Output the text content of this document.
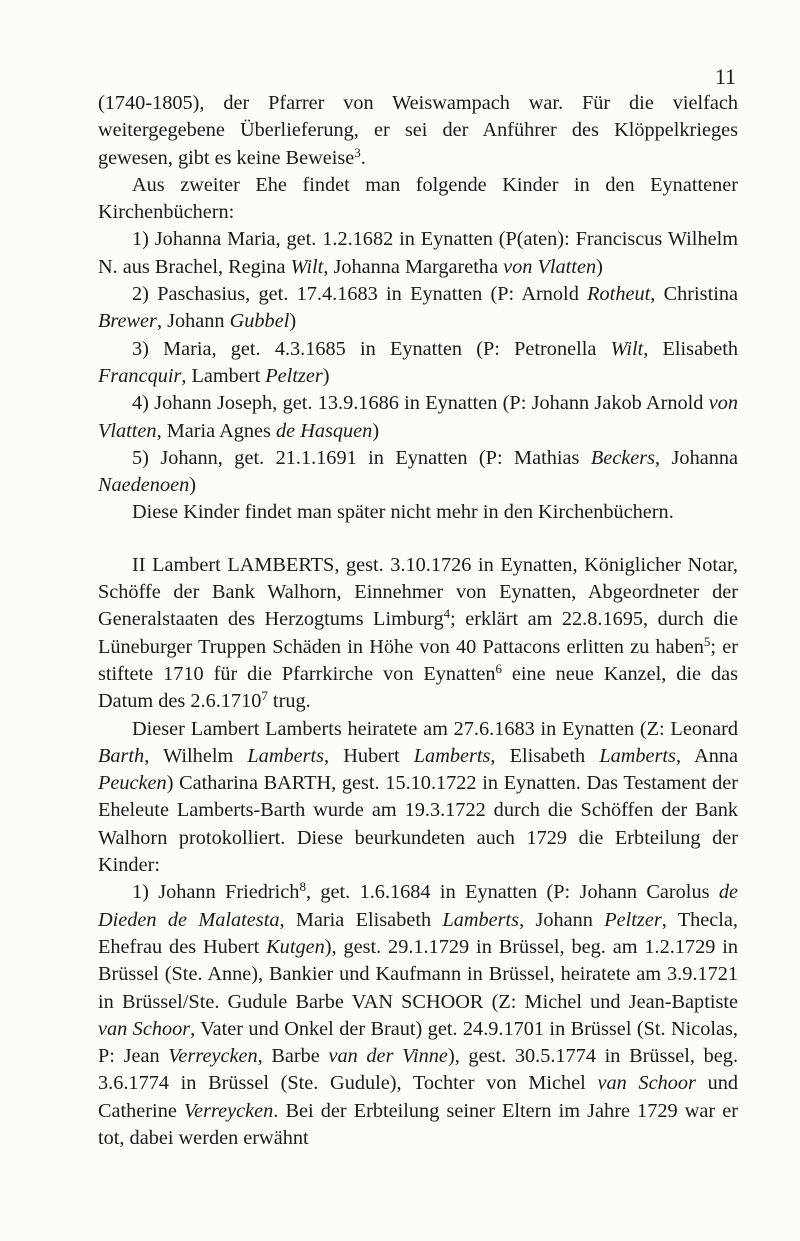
11

(1740-1805), der Pfarrer von Weiswampach war. Für die vielfach weitergegebene Überlieferung, er sei der Anführer des Klöppelkrieges gewesen, gibt es keine Beweise$^3$.

Aus zweiter Ehe findet man folgende Kinder in den Eynattener Kirchenbüchern:

1) Johanna Maria, get. 1.2.1682 in Eynatten (P(aten): Franciscus Wilhelm N. aus Brachel, Regina Wilt, Johanna Margaretha von Vlatten)

2) Paschasius, get. 17.4.1683 in Eynatten (P: Arnold Rotheut, Christina Brewer, Johann Gubbel)

3) Maria, get. 4.3.1685 in Eynatten (P: Petronella Wilt, Elisabeth Francquir, Lambert Peltzer)

4) Johann Joseph, get. 13.9.1686 in Eynatten (P: Johann Jakob Arnold von Vlatten, Maria Agnes de Hasquen)

5) Johann, get. 21.1.1691 in Eynatten (P: Mathias Beckers, Johanna Naedenoen)

Diese Kinder findet man später nicht mehr in den Kirchenbüchern.

II Lambert LAMBERTS, gest. 3.10.1726 in Eynatten, Königlicher Notar, Schöffe der Bank Walhorn, Einnehmer von Eynatten, Abgeordneter der Generalstaaten des Herzogtums Limburg$^4$; erklärt am 22.8.1695, durch die Lüneburger Truppen Schäden in Höhe von 40 Pattacons erlitten zu haben$^5$; er stiftete 1710 für die Pfarrkirche von Eynatten$^6$ eine neue Kanzel, die das Datum des 2.6.1710$^7$ trug.

Dieser Lambert Lamberts heiratete am 27.6.1683 in Eynatten (Z: Leonard Barth, Wilhelm Lamberts, Hubert Lamberts, Elisabeth Lamberts, Anna Peucken) Catharina BARTH, gest. 15.10.1722 in Eynatten. Das Testament der Eheleute Lamberts-Barth wurde am 19.3.1722 durch die Schöffen der Bank Walhorn protokolliert. Diese beurkundeten auch 1729 die Erbteilung der Kinder:

1) Johann Friedrich$^8$, get. 1.6.1684 in Eynatten (P: Johann Carolus de Dieden de Malatesta, Maria Elisabeth Lamberts, Johann Peltzer, Thecla, Ehefrau des Hubert Kutgen), gest. 29.1.1729 in Brüssel, beg. am 1.2.1729 in Brüssel (Ste. Anne), Bankier und Kaufmann in Brüssel, heiratete am 3.9.1721 in Brüssel/Ste. Gudule Barbe VAN SCHOOR (Z: Michel und Jean-Baptiste van Schoor, Vater und Onkel der Braut) get. 24.9.1701 in Brüssel (St. Nicolas, P: Jean Verreycken, Barbe van der Vinne), gest. 30.5.1774 in Brüssel, beg. 3.6.1774 in Brüssel (Ste. Gudule), Tochter von Michel van Schoor und Catherine Verreycken. Bei der Erbteilung seiner Eltern im Jahre 1729 war er tot, dabei werden erwähnt
